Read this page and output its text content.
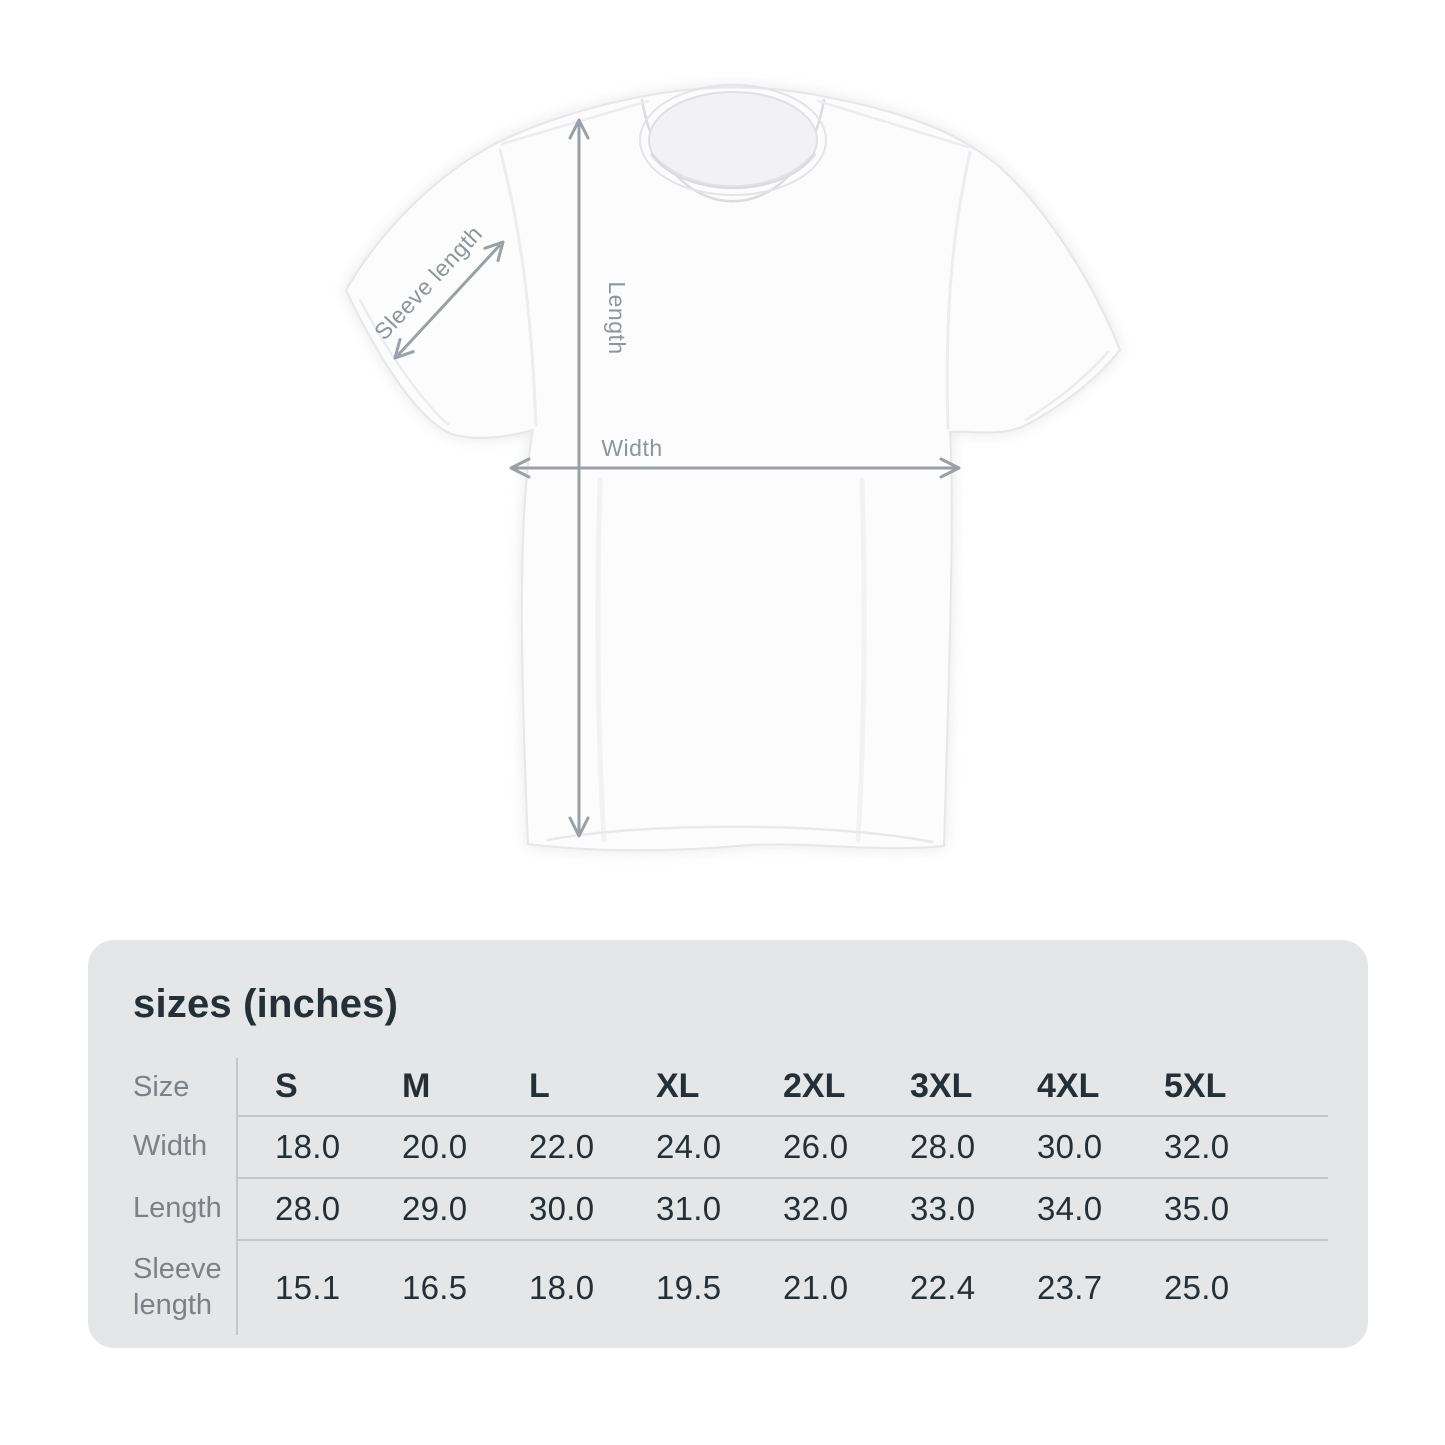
Sleeve length	Length
Width
sizes (inches)
Size	S	M	L	XL	2XL	3XL	4XL	5XL
Width	18.0	20.0	22.0	24.0	26.0	28.0	30.0	32.0
Length	28.0	29.0	30.0	31.0	32.0	33.0	34.0	35.0
Sleeve length	15.1	16.5	18.0	19.5	21.0	22.4	23.7	25.0
